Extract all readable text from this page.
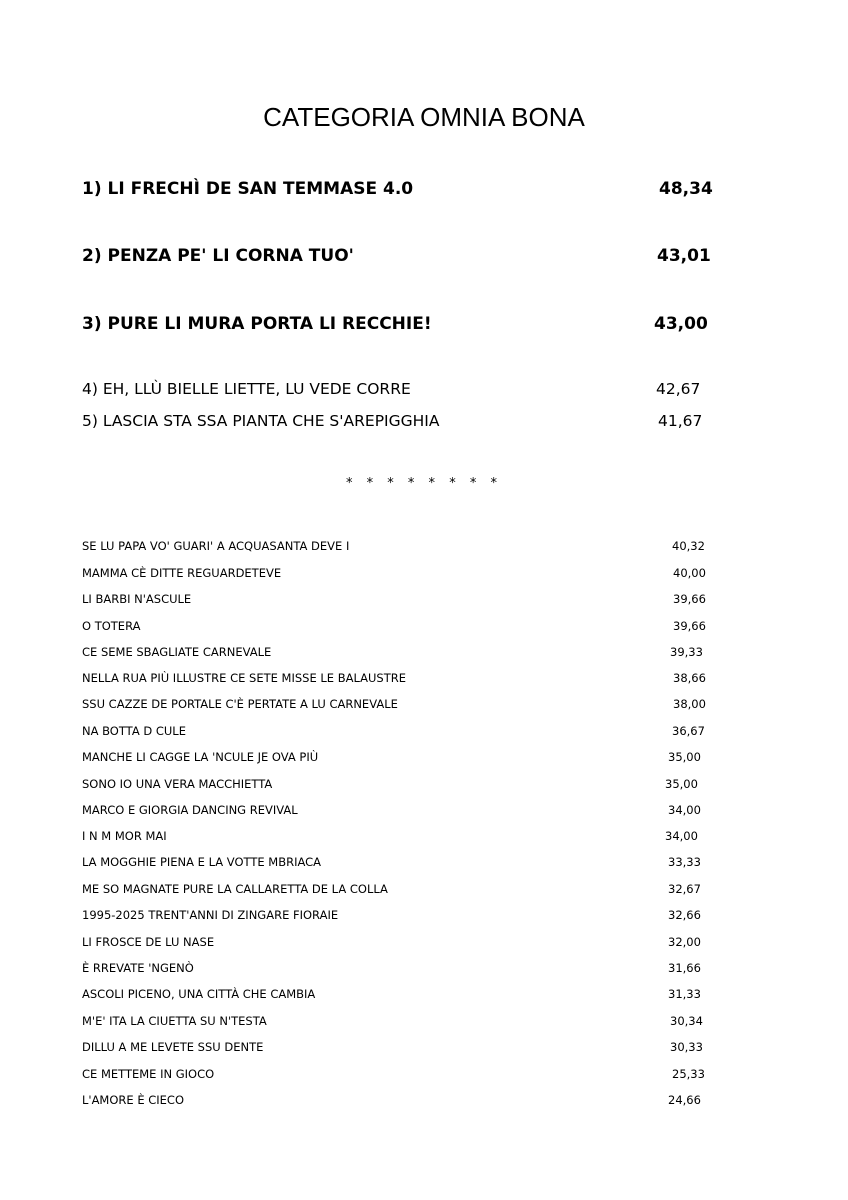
CATEGORIA OMNIA BONA
1) LI FRECHÌ DE SAN TEMMASE 4.0	48,34
2) PENZA PE' LI CORNA TUO'	43,01
3) PURE LI MURA PORTA LI RECCHIE!	43,00
4) EH, LLÙ BIELLE LIETTE, LU VEDE CORRE	42,67
5) LASCIA STA SSA PIANTA CHE S'AREPIGGHIA	41,67
* * * * * * * *
SE LU PAPA VO' GUARI' A ACQUASANTA DEVE I	40,32
MAMMA CÈ DITTE REGUARDETEVE	40,00
LI BARBI N'ASCULE	39,66
O TOTERA	39,66
CE SEME SBAGLIATE CARNEVALE	39,33
NELLA RUA PIÙ ILLUSTRE CE SETE MISSE LE BALAUSTRE	38,66
SSU CAZZE DE PORTALE C'È PERTATE A LU CARNEVALE	38,00
NA BOTTA D CULE	36,67
MANCHE LI CAGGE LA 'NCULE JE OVA PIÙ	35,00
SONO IO UNA VERA MACCHIETTA	35,00
MARCO E GIORGIA DANCING REVIVAL	34,00
I N M MOR MAI	34,00
LA MOGGHIE PIENA E LA VOTTE MBRIACA	33,33
ME SO MAGNATE PURE LA CALLARETTA DE LA COLLA	32,67
1995-2025 TRENT'ANNI DI ZINGARE FIORAIE	32,66
LI FROSCE DE LU NASE	32,00
È RREVATE 'NGENÒ	31,66
ASCOLI PICENO, UNA CITTÀ CHE CAMBIA	31,33
M'E' ITA LA CIUETTA SU N'TESTA	30,34
DILLU A ME LEVETE SSU DENTE	30,33
CE METTEME IN GIOCO	25,33
L'AMORE È CIECO	24,66
